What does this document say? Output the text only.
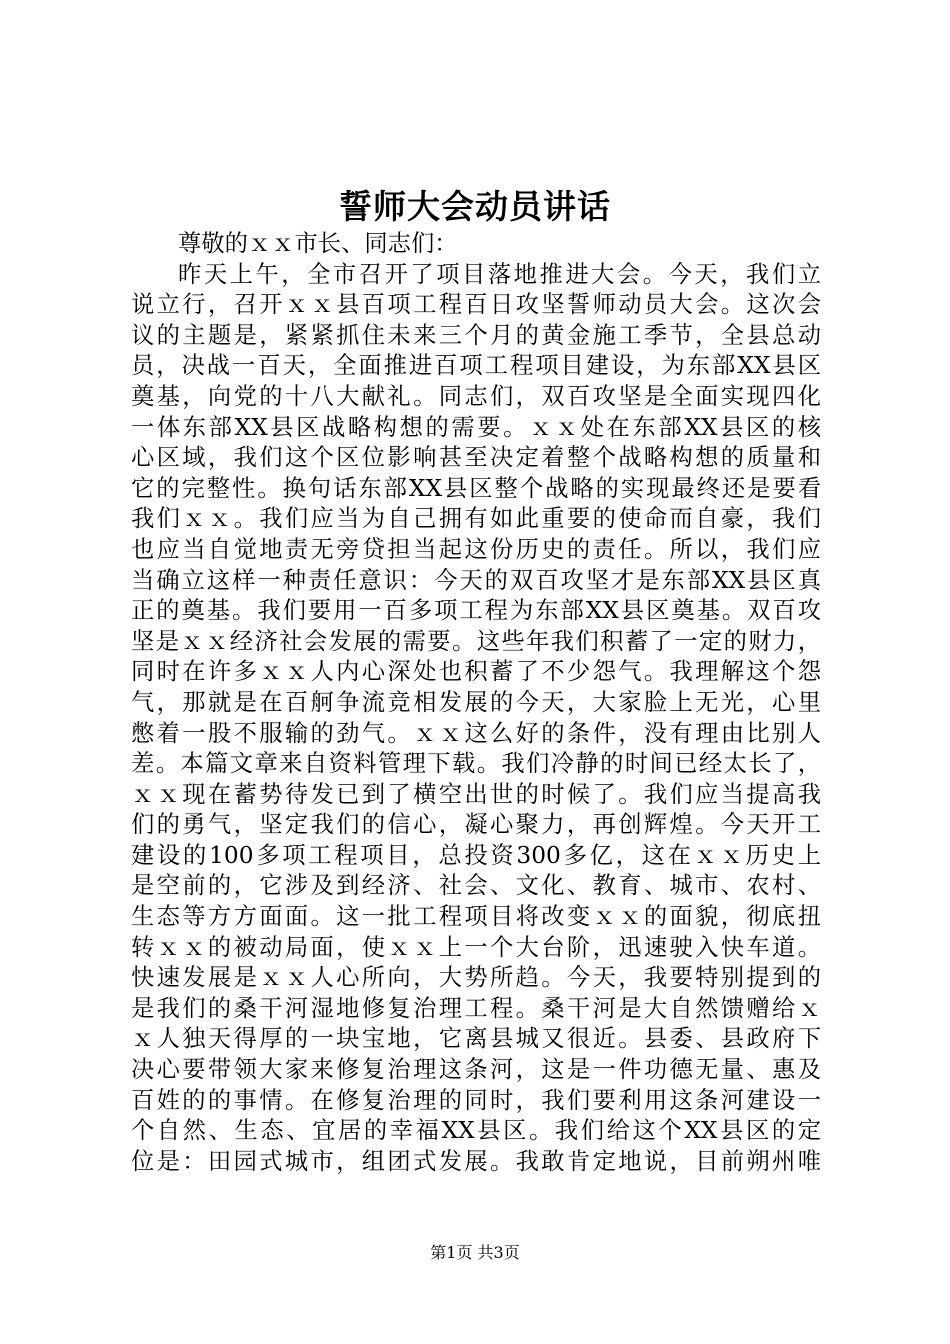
誓师大会动员讲话
尊敬的ｘｘ市长、同志们：
昨天上午，全市召开了项目落地推进大会。今天，我们立
说立行，召开ｘｘ县百项工程百日攻坚誓师动员大会。这次会
议的主题是，紧紧抓住未来三个月的黄金施工季节，全县总动
员，决战一百天，全面推进百项工程项目建设，为东部XX县区
奠基，向党的十八大献礼。同志们，双百攻坚是全面实现四化
一体东部XX县区战略构想的需要。ｘｘ处在东部XX县区的核
心区域，我们这个区位影响甚至决定着整个战略构想的质量和
它的完整性。换句话东部XX县区整个战略的实现最终还是要看
我们ｘｘ。我们应当为自己拥有如此重要的使命而自豪，我们
也应当自觉地责无旁贷担当起这份历史的责任。所以，我们应
当确立这样一种责任意识：今天的双百攻坚才是东部XX县区真
正的奠基。我们要用一百多项工程为东部XX县区奠基。双百攻
坚是ｘｘ经济社会发展的需要。这些年我们积蓄了一定的财力，
同时在许多ｘｘ人内心深处也积蓄了不少怨气。我理解这个怨
气，那就是在百舸争流竞相发展的今天，大家脸上无光，心里
憋着一股不服输的劲气。ｘｘ这么好的条件，没有理由比别人
差。本篇文章来自资料管理下载。我们冷静的时间已经太长了，
ｘｘ现在蓄势待发已到了横空出世的时候了。我们应当提高我
们的勇气，坚定我们的信心，凝心聚力，再创辉煌。今天开工
建设的100多项工程项目，总投资300多亿，这在ｘｘ历史上
是空前的，它涉及到经济、社会、文化、教育、城市、农村、
生态等方方面面。这一批工程项目将改变ｘｘ的面貌，彻底扭
转ｘｘ的被动局面，使ｘｘ上一个大台阶，迅速驶入快车道。
快速发展是ｘｘ人心所向，大势所趋。今天，我要特别提到的
是我们的桑干河湿地修复治理工程。桑干河是大自然馈赠给ｘ
ｘ人独天得厚的一块宝地，它离县城又很近。县委、县政府下
决心要带领大家来修复治理这条河，这是一件功德无量、惠及
百姓的的事情。在修复治理的同时，我们要利用这条河建设一
个自然、生态、宜居的幸福XX县区。我们给这个XX县区的定
位是：田园式城市，组团式发展。我敢肯定地说，目前朔州唯
第1页 共3页
